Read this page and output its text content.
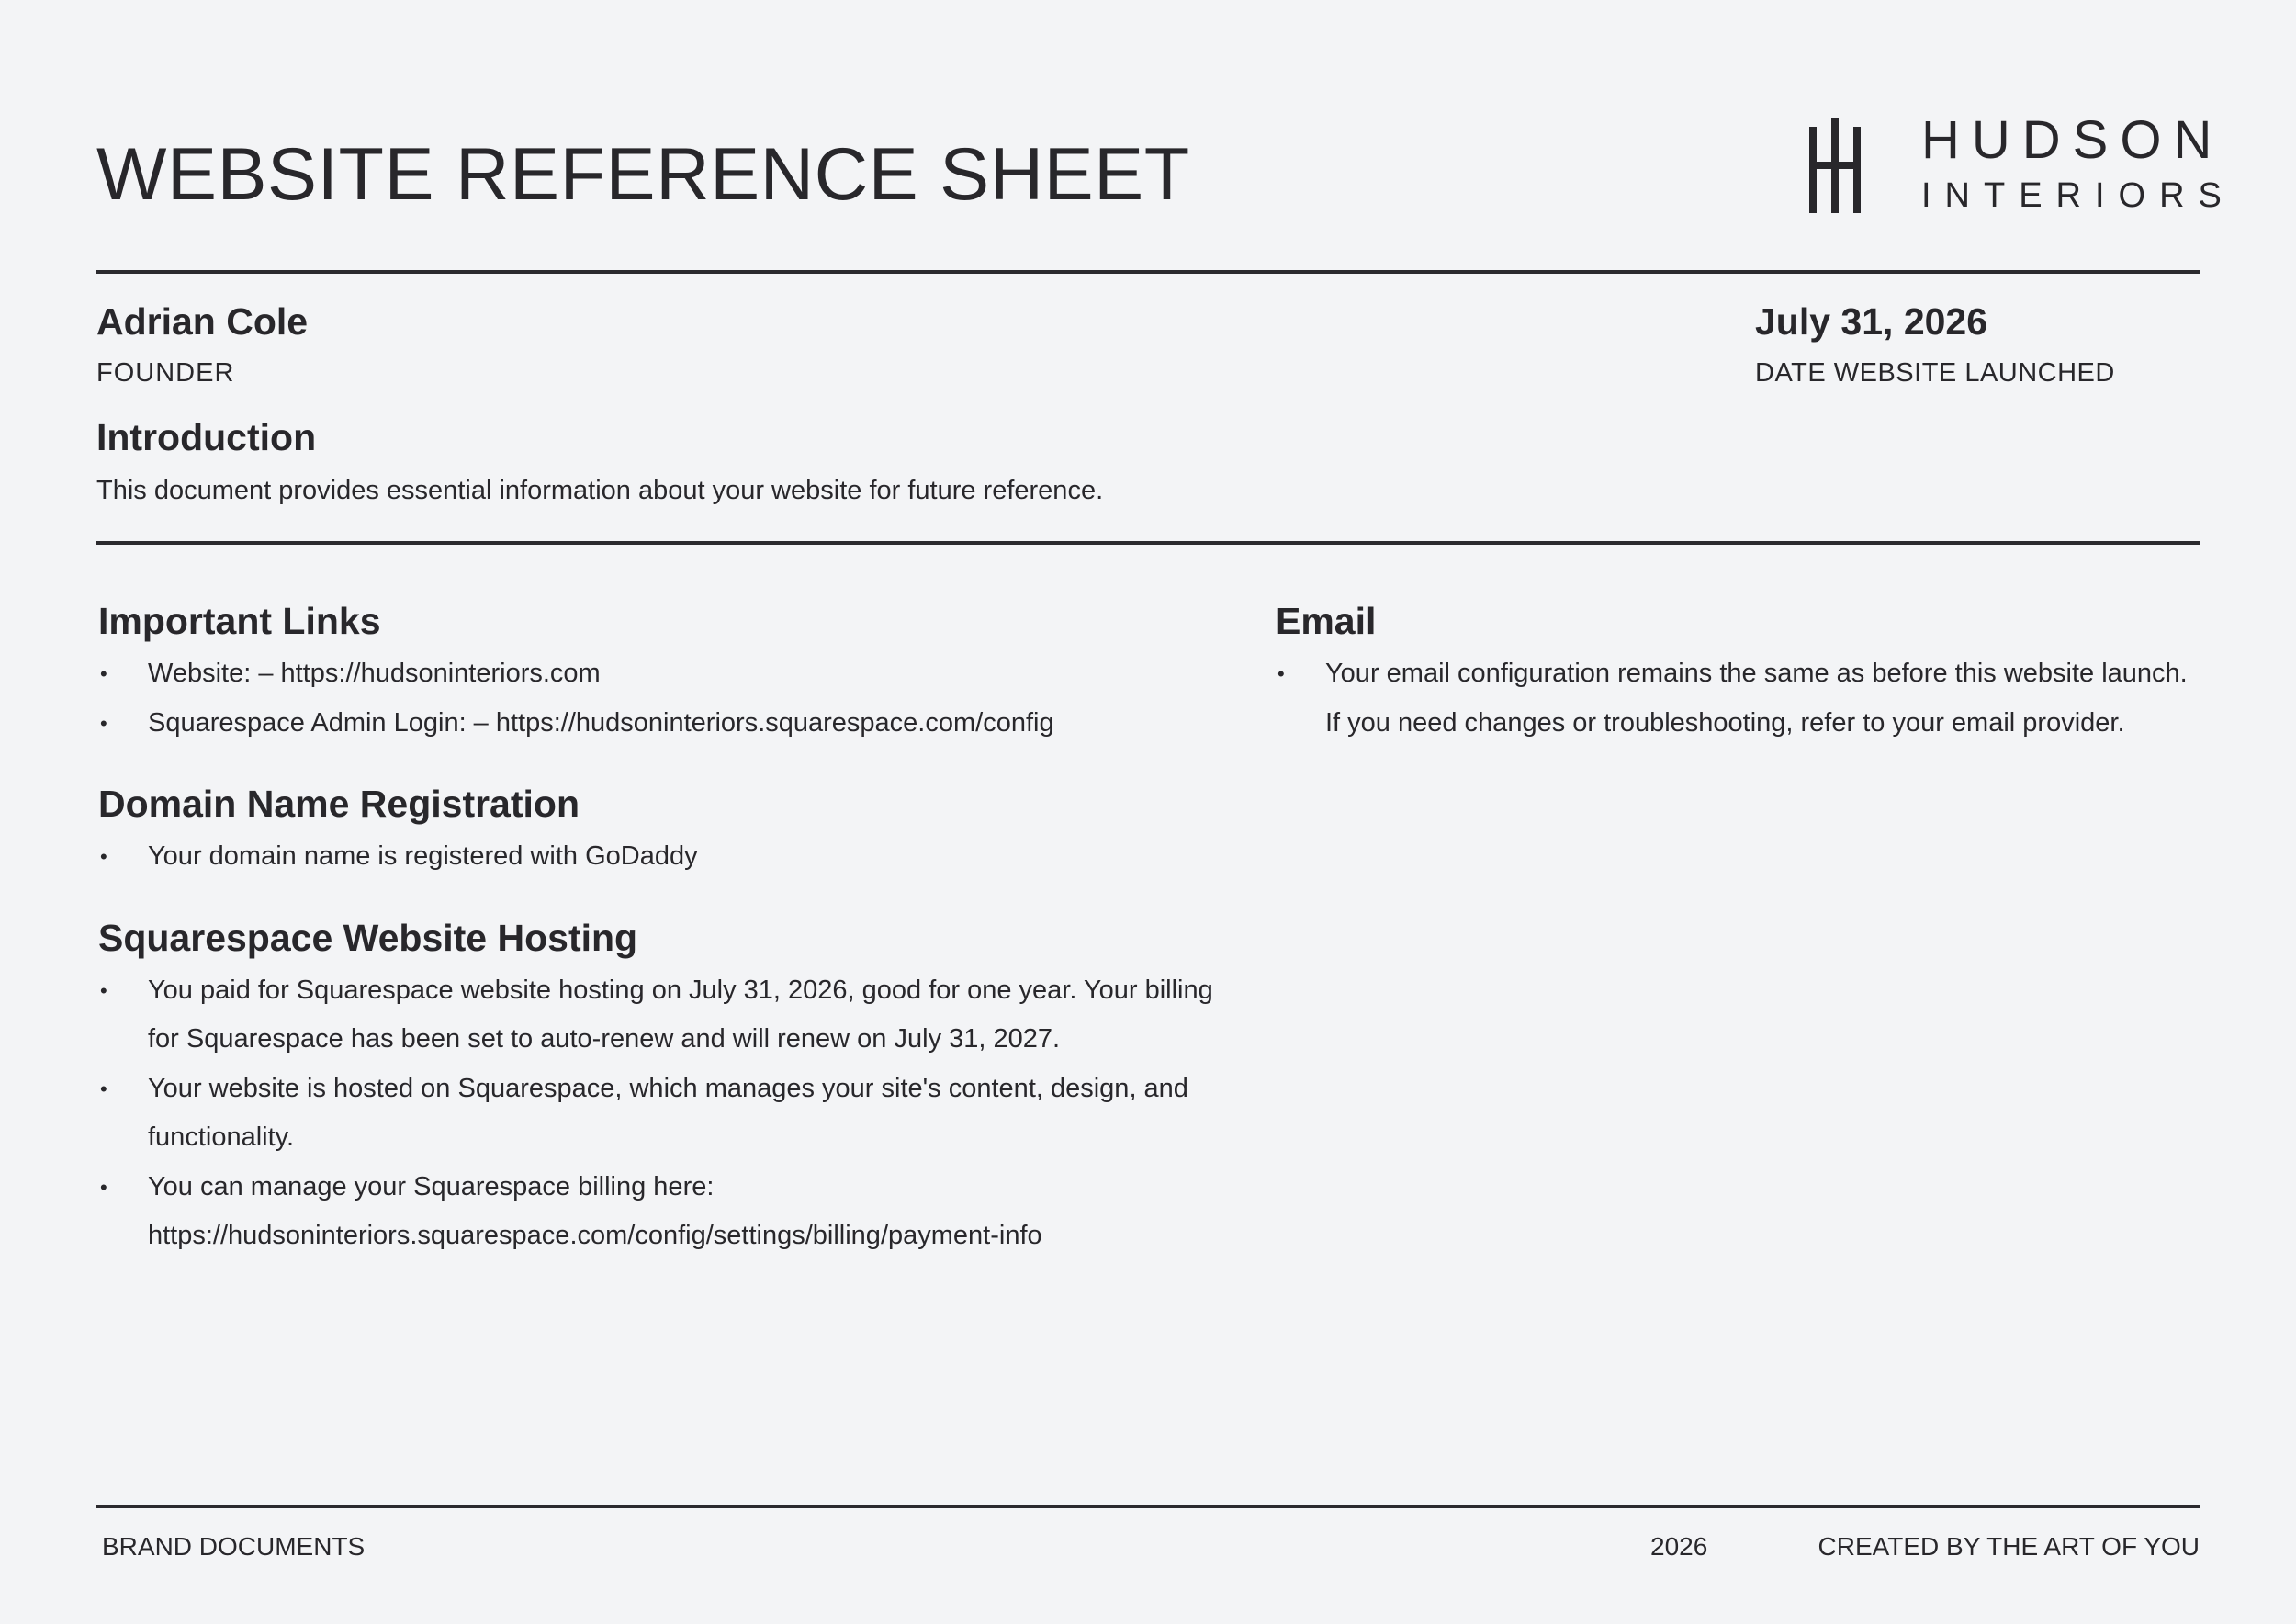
WEBSITE REFERENCE SHEET	HUDSON
INTERIORS
Adrian Cole
FOUNDER
July 31, 2026
DATE WEBSITE LAUNCHED
Introduction
This document provides essential information about your website for future reference.
Important Links
• Website: – https://hudsoninteriors.com
• Squarespace Admin Login: – https://hudsoninteriors.squarespace.com/config
Domain Name Registration
• Your domain name is registered with GoDaddy
Squarespace Website Hosting
• You paid for Squarespace website hosting on July 31, 2026, good for one year. Your billing for Squarespace has been set to auto-renew and will renew on July 31, 2027.
• Your website is hosted on Squarespace, which manages your site's content, design, and functionality.
• You can manage your Squarespace billing here: https://hudsoninteriors.squarespace.com/config/settings/billing/payment-info
Email
• Your email configuration remains the same as before this website launch. If you need changes or troubleshooting, refer to your email provider.
BRAND DOCUMENTS	2026	CREATED BY THE ART OF YOU
